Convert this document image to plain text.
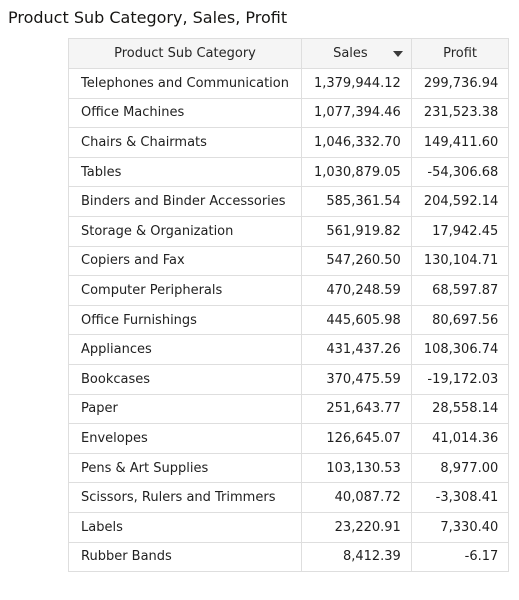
Product Sub Category, Sales, Profit
Product Sub Category	Sales	Profit
Telephones and Communication	1,379,944.12	299,736.94
Office Machines	1,077,394.46	231,523.38
Chairs & Chairmats	1,046,332.70	149,411.60
Tables	1,030,879.05	-54,306.68
Binders and Binder Accessories	585,361.54	204,592.14
Storage & Organization	561,919.82	17,942.45
Copiers and Fax	547,260.50	130,104.71
Computer Peripherals	470,248.59	68,597.87
Office Furnishings	445,605.98	80,697.56
Appliances	431,437.26	108,306.74
Bookcases	370,475.59	-19,172.03
Paper	251,643.77	28,558.14
Envelopes	126,645.07	41,014.36
Pens & Art Supplies	103,130.53	8,977.00
Scissors, Rulers and Trimmers	40,087.72	-3,308.41
Labels	23,220.91	7,330.40
Rubber Bands	8,412.39	-6.17
